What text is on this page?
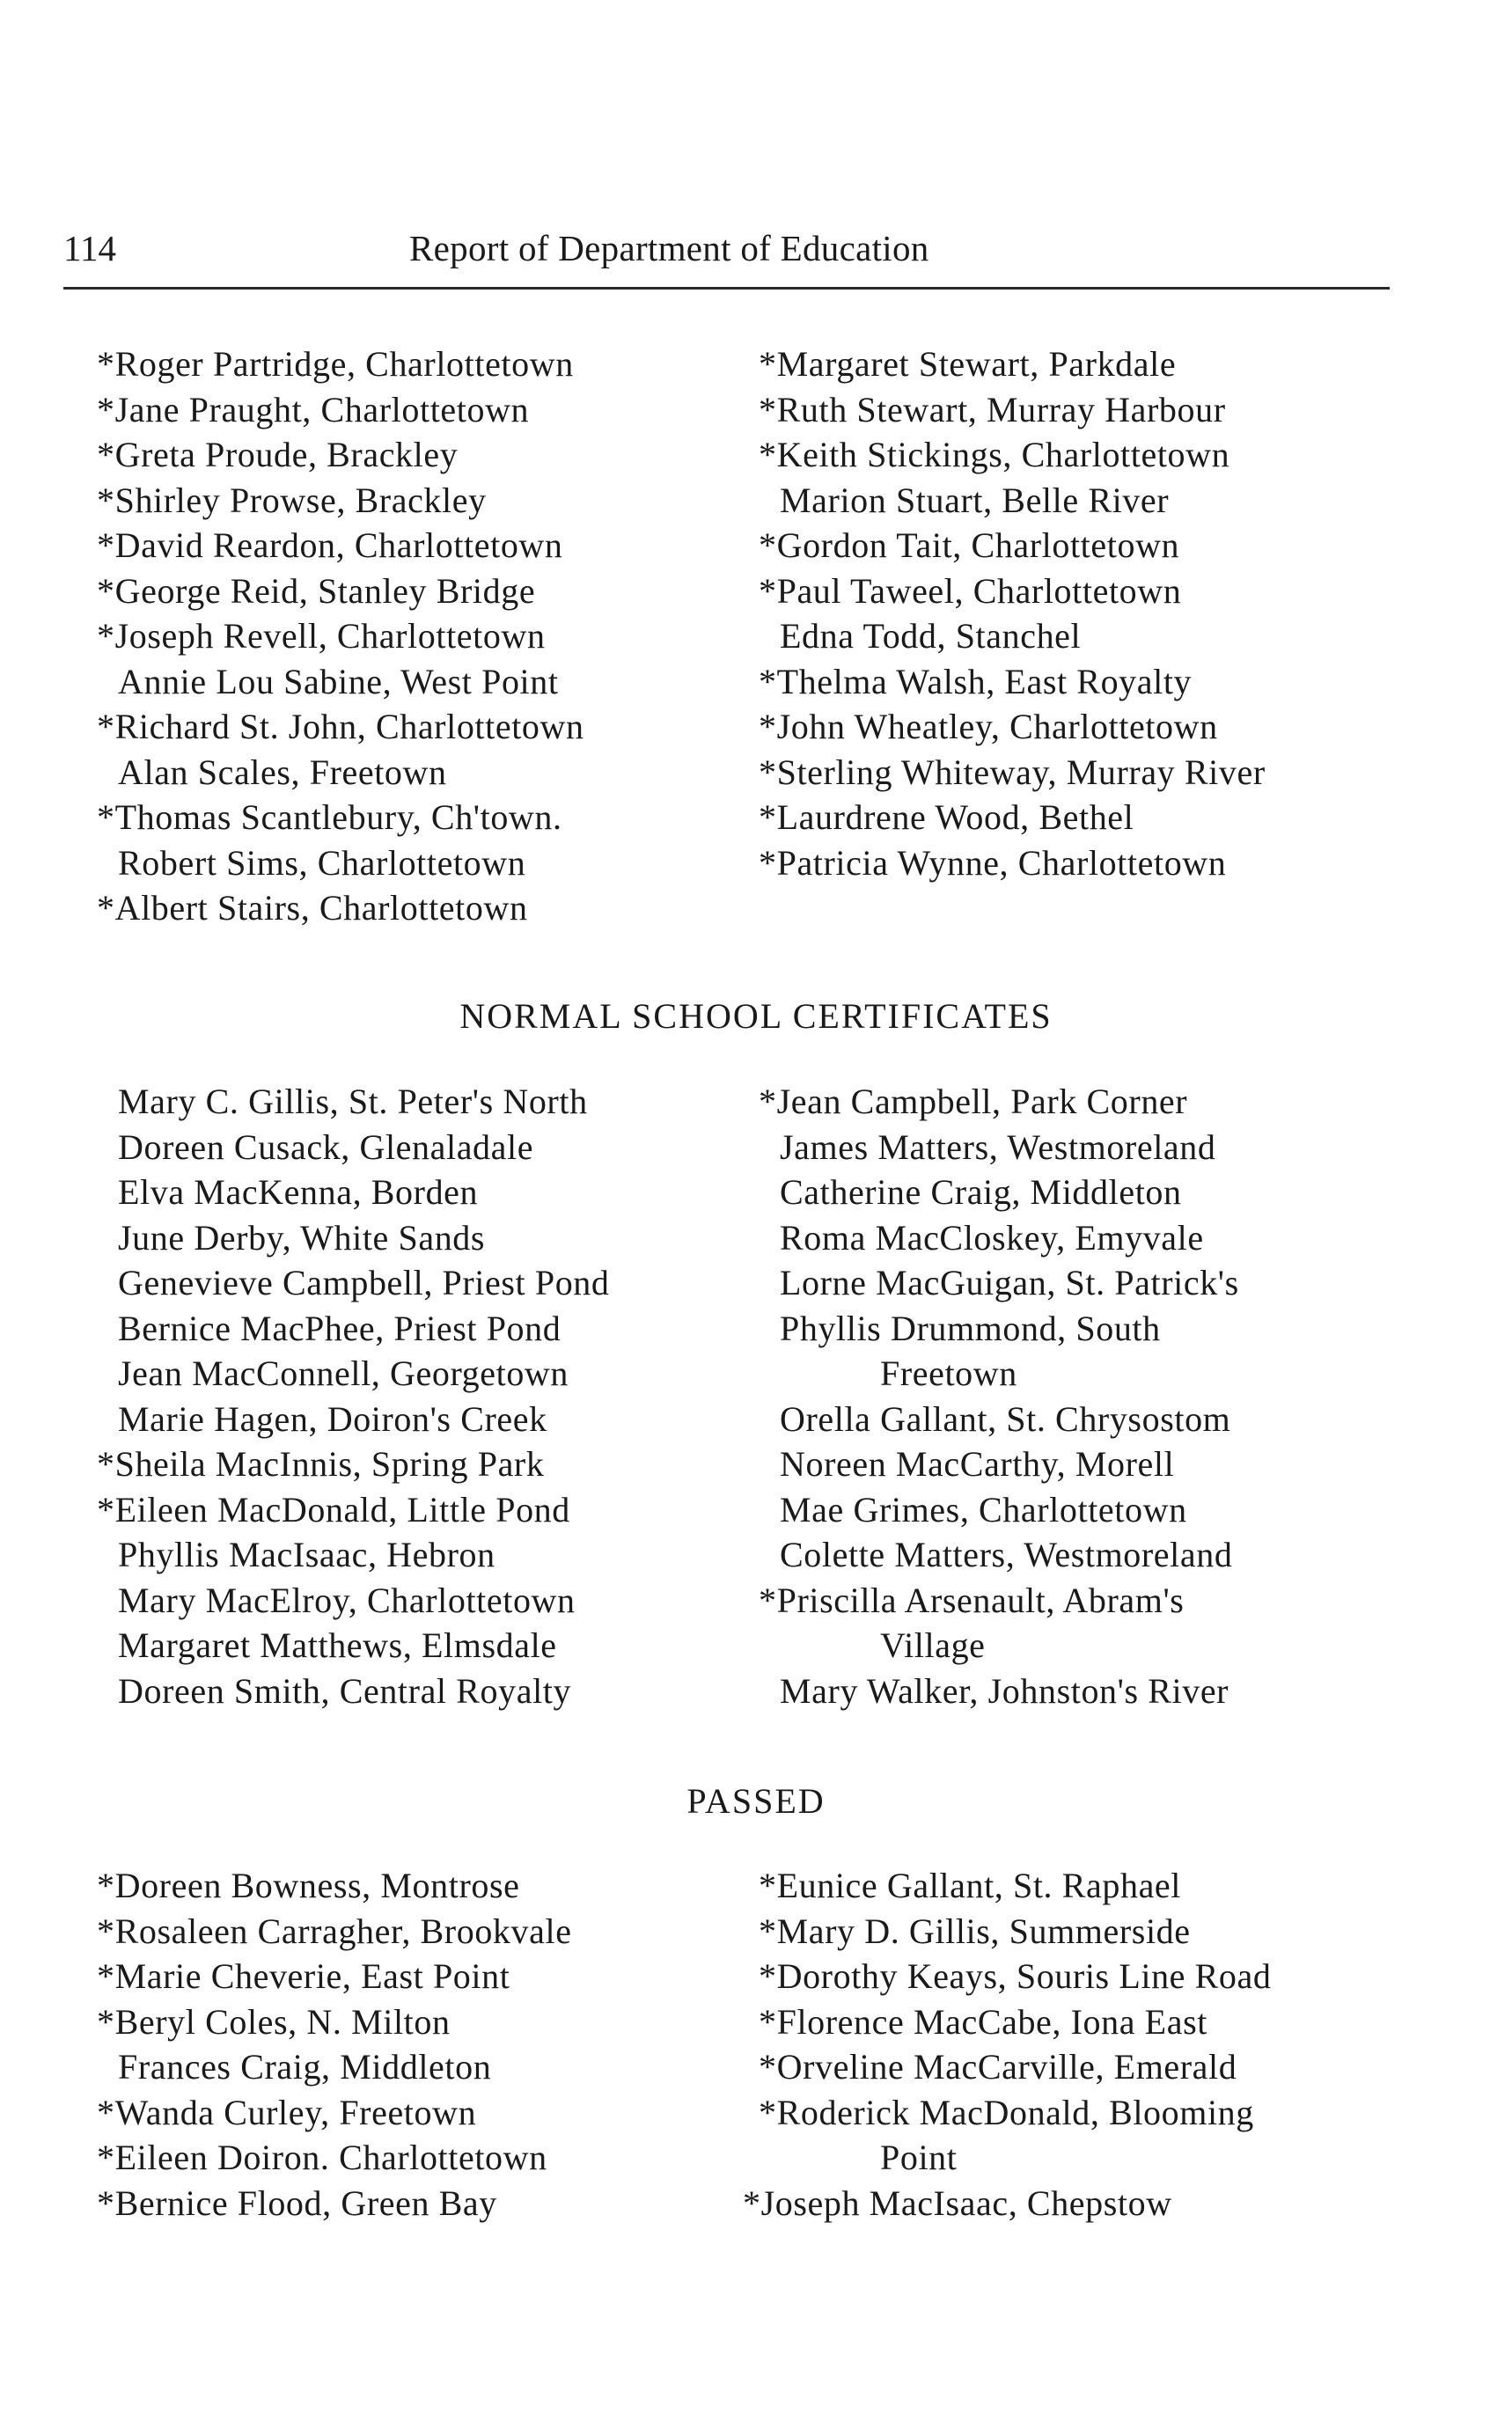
114	Report of Department of Education
*Roger Partridge, Charlottetown
*Jane Praught, Charlottetown
*Greta Proude, Brackley
*Shirley Prowse, Brackley
*David Reardon, Charlottetown
*George Reid, Stanley Bridge
*Joseph Revell, Charlottetown
Annie Lou Sabine, West Point
*Richard St. John, Charlottetown
Alan Scales, Freetown
*Thomas Scantlebury, Ch'town.
Robert Sims, Charlottetown
*Albert Stairs, Charlottetown
*Margaret Stewart, Parkdale
*Ruth Stewart, Murray Harbour
*Keith Stickings, Charlottetown
Marion Stuart, Belle River
*Gordon Tait, Charlottetown
*Paul Taweel, Charlottetown
Edna Todd, Stanchel
*Thelma Walsh, East Royalty
*John Wheatley, Charlottetown
*Sterling Whiteway, Murray River
*Laurdrene Wood, Bethel
*Patricia Wynne, Charlottetown
NORMAL SCHOOL CERTIFICATES
Mary C. Gillis, St. Peter's North
Doreen Cusack, Glenaladale
Elva MacKenna, Borden
June Derby, White Sands
Genevieve Campbell, Priest Pond
Bernice MacPhee, Priest Pond
Jean MacConnell, Georgetown
Marie Hagen, Doiron's Creek
*Sheila MacInnis, Spring Park
*Eileen MacDonald, Little Pond
Phyllis MacIsaac, Hebron
Mary MacElroy, Charlottetown
Margaret Matthews, Elmsdale
Doreen Smith, Central Royalty
*Jean Campbell, Park Corner
James Matters, Westmoreland
Catherine Craig, Middleton
Roma MacCloskey, Emyvale
Lorne MacGuigan, St. Patrick's
Phyllis Drummond, South
Freetown
Orella Gallant, St. Chrysostom
Noreen MacCarthy, Morell
Mae Grimes, Charlottetown
Colette Matters, Westmoreland
*Priscilla Arsenault, Abram's
Village
Mary Walker, Johnston's River
PASSED
*Doreen Bowness, Montrose
*Rosaleen Carragher, Brookvale
*Marie Cheverie, East Point
*Beryl Coles, N. Milton
Frances Craig, Middleton
*Wanda Curley, Freetown
*Eileen Doiron. Charlottetown
*Bernice Flood, Green Bay
*Eunice Gallant, St. Raphael
*Mary D. Gillis, Summerside
*Dorothy Keays, Souris Line Road
*Florence MacCabe, Iona East
*Orveline MacCarville, Emerald
*Roderick MacDonald, Blooming
Point
*Joseph MacIsaac, Chepstow
